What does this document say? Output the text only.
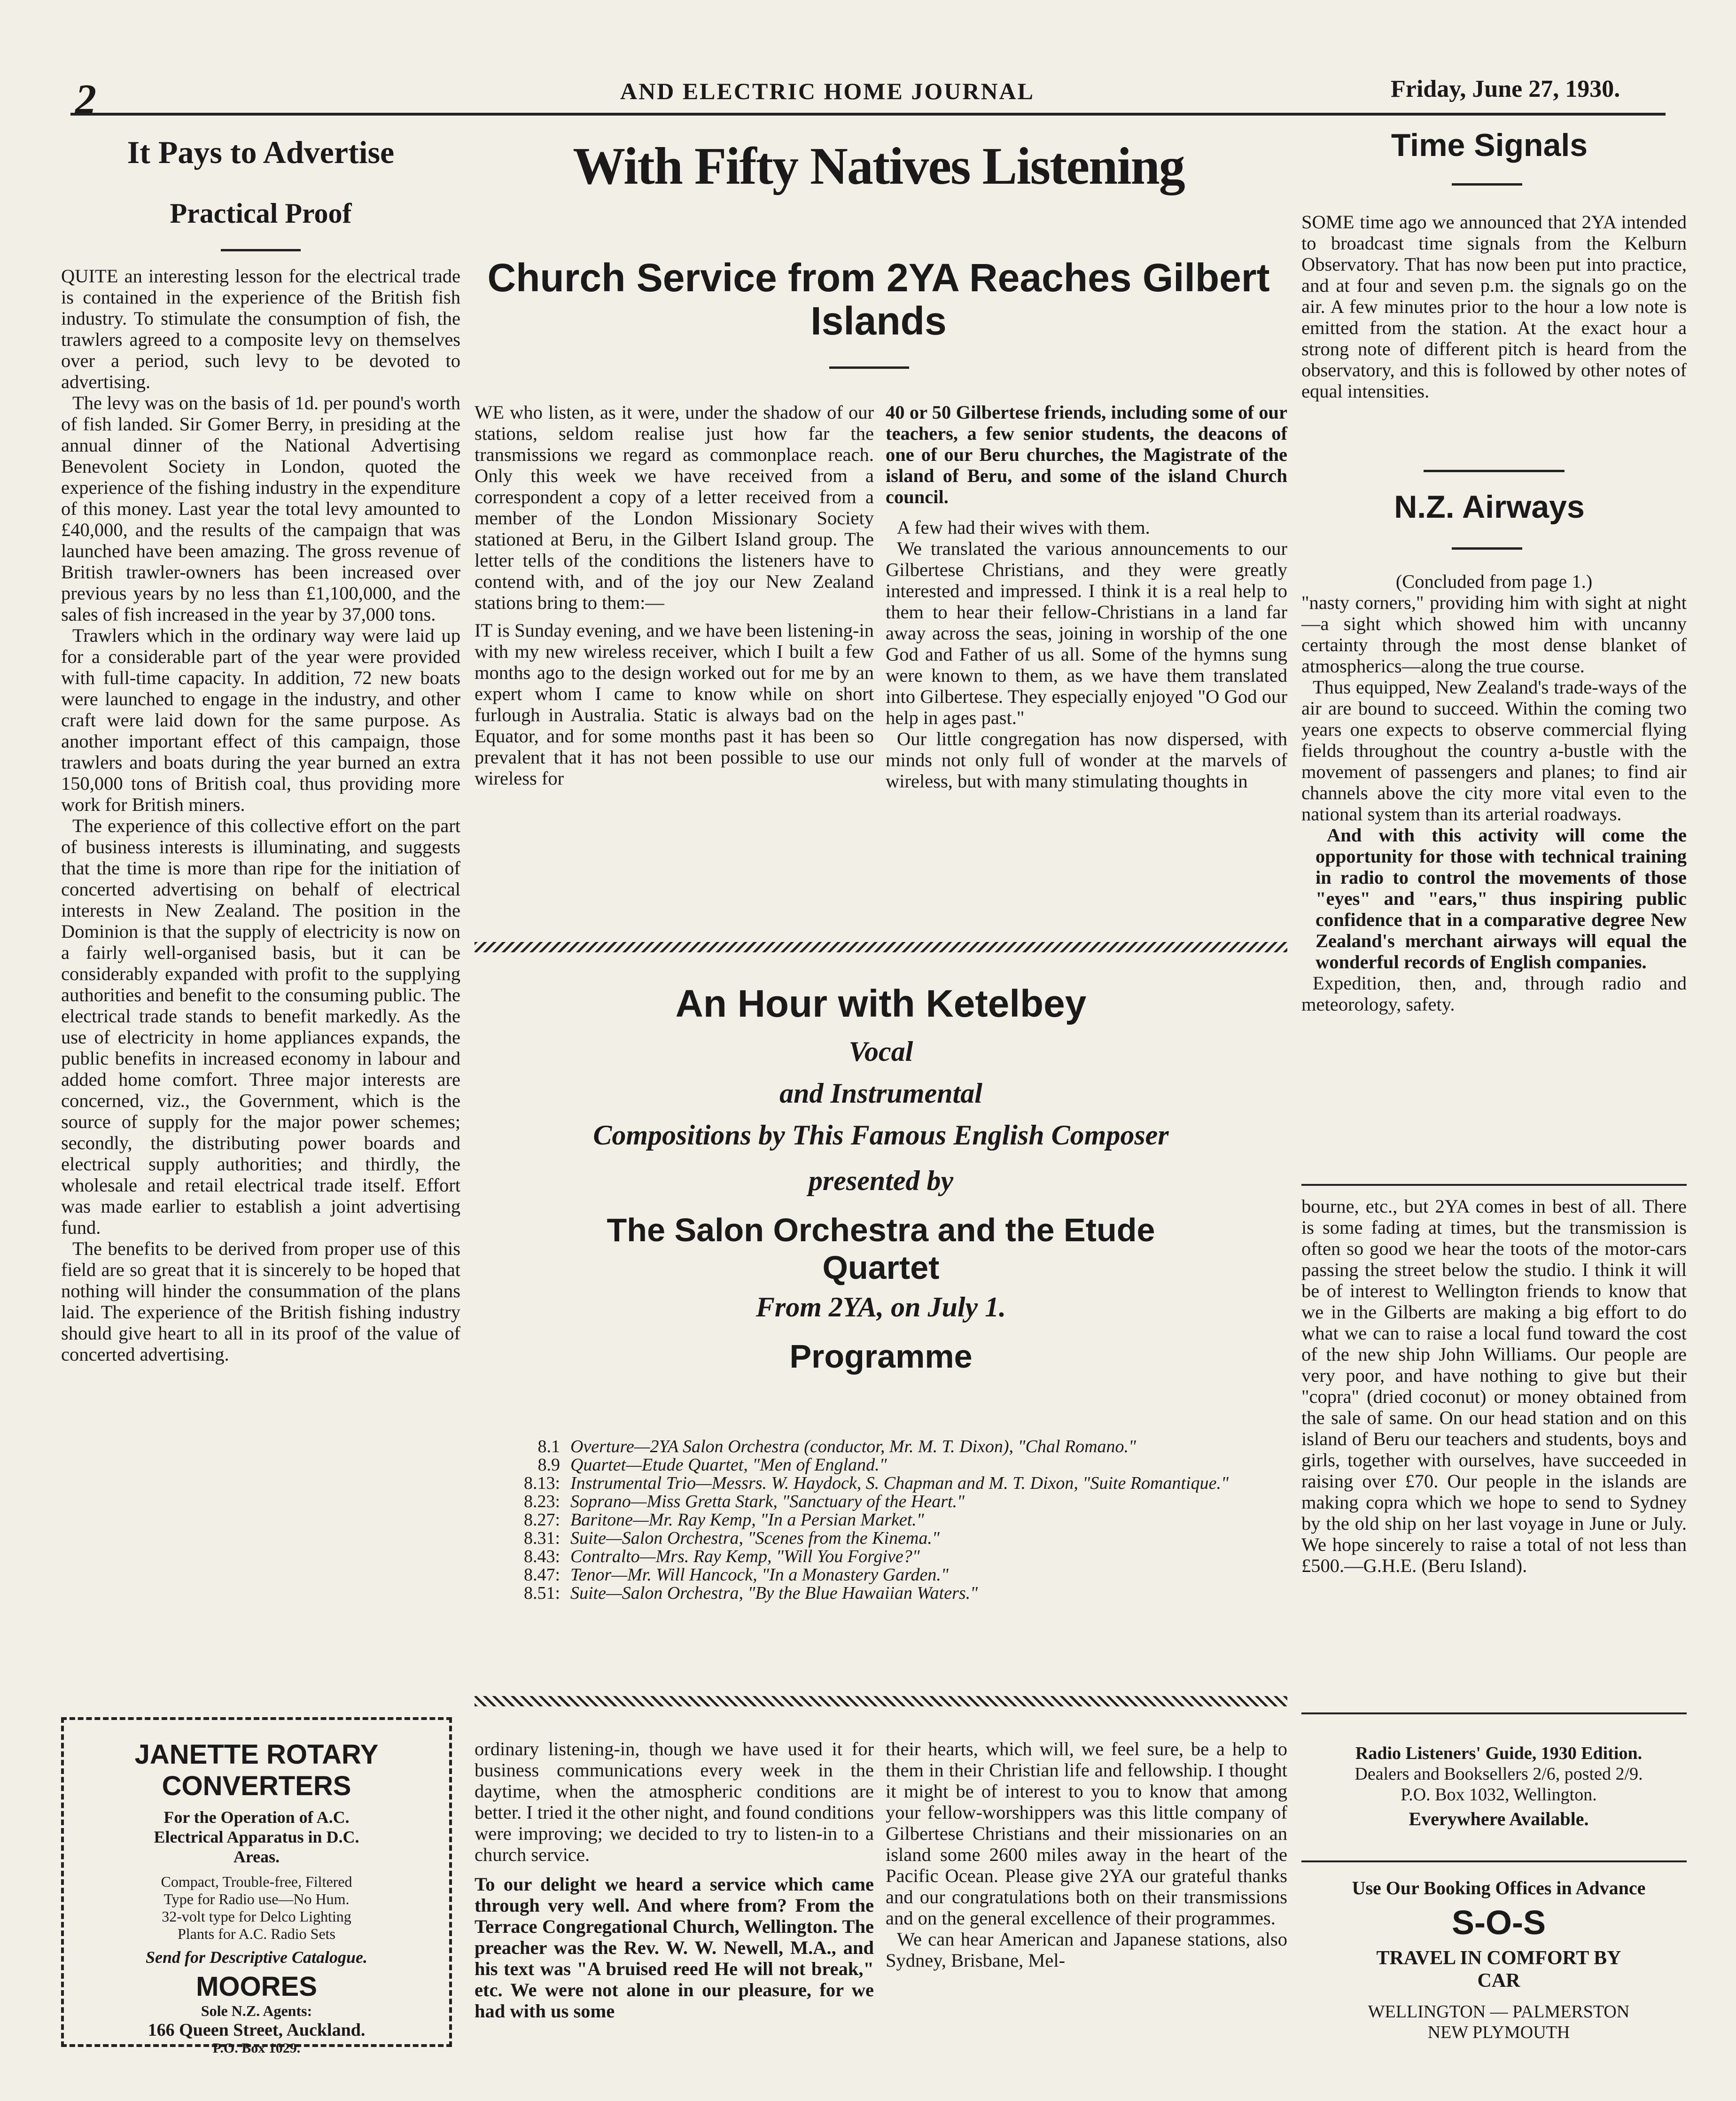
2	AND ELECTRIC HOME JOURNAL	Friday, June 27, 1930.
It Pays to Advertise
Practical Proof

QUITE an interesting lesson for the electrical trade is contained in the experience of the British fish industry. To stimulate the consumption of fish, the trawlers agreed to a composite levy on themselves over a period, such levy to be devoted to advertising.

The levy was on the basis of 1d. per pound's worth of fish landed. Sir Gomer Berry, in presiding at the annual dinner of the National Advertising Benevolent Society in London, quoted the experience of the fishing industry in the expenditure of this money. Last year the total levy amounted to £40,000, and the results of the campaign that was launched have been amazing. The gross revenue of British trawler-owners has been increased over previous years by no less than £1,100,000, and the sales of fish increased in the year by 37,000 tons.

Trawlers which in the ordinary way were laid up for a considerable part of the year were provided with full-time capacity. In addition, 72 new boats were launched to engage in the industry, and other craft were laid down for the same purpose. As another important effect of this campaign, those trawlers and boats during the year burned an extra 150,000 tons of British coal, thus providing more work for British miners.

The experience of this collective effort on the part of business interests is illuminating, and suggests that the time is more than ripe for the initiation of concerted advertising on behalf of electrical interests in New Zealand. The position in the Dominion is that the supply of electricity is now on a fairly well-organised basis, but it can be considerably expanded with profit to the supplying authorities and benefit to the consuming public. The electrical trade stands to benefit markedly. As the use of electricity in home appliances expands, the public benefits in increased economy in labour and added home comfort. Three major interests are concerned, viz., the Government, which is the source of supply for the major power schemes; secondly, the distributing power boards and electrical supply authorities; and thirdly, the wholesale and retail electrical trade itself. Effort was made earlier to establish a joint advertising fund.

The benefits to be derived from proper use of this field are so great that it is sincerely to be hoped that nothing will hinder the consummation of the plans laid. The experience of the British fishing industry should give heart to all in its proof of the value of concerted advertising.

JANETTE ROTARY
CONVERTERS
For the Operation of A.C.
Electrical Apparatus in D.C.
Areas.
Compact, Trouble-free, Filtered
Type for Radio use—No Hum.
32-volt type for Delco Lighting
Plants for A.C. Radio Sets
Send for Descriptive Catalogue.
MOORES
Sole N.Z. Agents:
166 Queen Street, Auckland.
P.O. Box 1029.
With Fifty Natives Listening
Church Service from 2YA Reaches Gilbert Islands

WE who listen, as it were, under the shadow of our stations, seldom realise just how far the transmissions we regard as commonplace reach. Only this week we have received from a correspondent a copy of a letter received from a member of the London Missionary Society stationed at Beru, in the Gilbert Island group. The letter tells of the conditions the listeners have to contend with, and of the joy our New Zealand stations bring to them:—

IT is Sunday evening, and we have been listening-in with my new wireless receiver, which I built a few months ago to the design worked out for me by an expert whom I came to know while on short furlough in Australia. Static is always bad on the Equator, and for some months past it has been so prevalent that it has not been possible to use our wireless for

40 or 50 Gilbertese friends, including some of our teachers, a few senior students, the deacons of one of our Beru churches, the Magistrate of the island of Beru, and some of the island Church council.

A few had their wives with them.

We translated the various announcements to our Gilbertese Christians, and they were greatly interested and impressed. I think it is a real help to them to hear their fellow-Christians in a land far away across the seas, joining in worship of the one God and Father of us all. Some of the hymns sung were known to them, as we have them translated into Gilbertese. They especially enjoyed "O God our help in ages past."

Our little congregation has now dispersed, with minds not only full of wonder at the marvels of wireless, but with many stimulating thoughts in

An Hour with Ketelbey
Vocal
and Instrumental
Compositions by This Famous English Composer
presented by
The Salon Orchestra and the Etude Quartet
From 2YA, on July 1.
Programme
8.1 Overture—2YA Salon Orchestra (conductor, Mr. M. T. Dixon), "Chal Romano."
8.9 Quartet—Etude Quartet, "Men of England."
8.13: Instrumental Trio—Messrs. W. Haydock, S. Chapman and M. T. Dixon, "Suite Romantique."
8.23: Soprano—Miss Gretta Stark, "Sanctuary of the Heart."
8.27: Baritone—Mr. Ray Kemp, "In a Persian Market."
8.31: Suite—Salon Orchestra, "Scenes from the Kinema."
8.43: Contralto—Mrs. Ray Kemp, "Will You Forgive?"
8.47: Tenor—Mr. Will Hancock, "In a Monastery Garden."
8.51: Suite—Salon Orchestra, "By the Blue Hawaiian Waters."

ordinary listening-in, though we have used it for business communications every week in the daytime, when the atmospheric conditions are better. I tried it the other night, and found conditions were improving; we decided to try to listen-in to a church service.

To our delight we heard a service which came through very well. And where from? From the Terrace Congregational Church, Wellington. The preacher was the Rev. W. W. Newell, M.A., and his text was "A bruised reed He will not break," etc. We were not alone in our pleasure, for we had with us some

their hearts, which will, we feel sure, be a help to them in their Christian life and fellowship. I thought it might be of interest to you to know that among your fellow-worshippers was this little company of Gilbertese Christians and their missionaries on an island some 2600 miles away in the heart of the Pacific Ocean. Please give 2YA our grateful thanks and our congratulations both on their transmissions and on the general excellence of their programmes.

We can hear American and Japanese stations, also Sydney, Brisbane, Mel-

Time Signals

SOME time ago we announced that 2YA intended to broadcast time signals from the Kelburn Observatory. That has now been put into practice, and at four and seven p.m. the signals go on the air. A few minutes prior to the hour a low note is emitted from the station. At the exact hour a strong note of different pitch is heard from the observatory, and this is followed by other notes of equal intensities.

N.Z. Airways

(Concluded from page 1.)

"nasty corners," providing him with sight at night—a sight which showed him with uncanny certainty through the most dense blanket of atmospherics—along the true course.

Thus equipped, New Zealand's trade-ways of the air are bound to succeed. Within the coming two years one expects to observe commercial flying fields throughout the country a-bustle with the movement of passengers and planes; to find air channels above the city more vital even to the national system than its arterial roadways.

And with this activity will come the opportunity for those with technical training in radio to control the movements of those "eyes" and "ears," thus inspiring public confidence that in a comparative degree New Zealand's merchant airways will equal the wonderful records of English companies.

Expedition, then, and, through radio and meteorology, safety.

bourne, etc., but 2YA comes in best of all. There is some fading at times, but the transmission is often so good we hear the toots of the motor-cars passing the street below the studio. I think it will be of interest to Wellington friends to know that we in the Gilberts are making a big effort to do what we can to raise a local fund toward the cost of the new ship John Williams. Our people are very poor, and have nothing to give but their "copra" (dried coconut) or money obtained from the sale of same. On our head station and on this island of Beru our teachers and students, boys and girls, together with ourselves, have succeeded in raising over £70. Our people in the islands are making copra which we hope to send to Sydney by the old ship on her last voyage in June or July. We hope sincerely to raise a total of not less than £500.—G.H.E. (Beru Island).

Radio Listeners' Guide, 1930 Edition.
Dealers and Booksellers 2/6, posted 2/9.
P.O. Box 1032, Wellington.
Everywhere Available.
Use Our Booking Offices in Advance
S-O-S
TRAVEL IN COMFORT BY
CAR
WELLINGTON — PALMERSTON
NEW PLYMOUTH
